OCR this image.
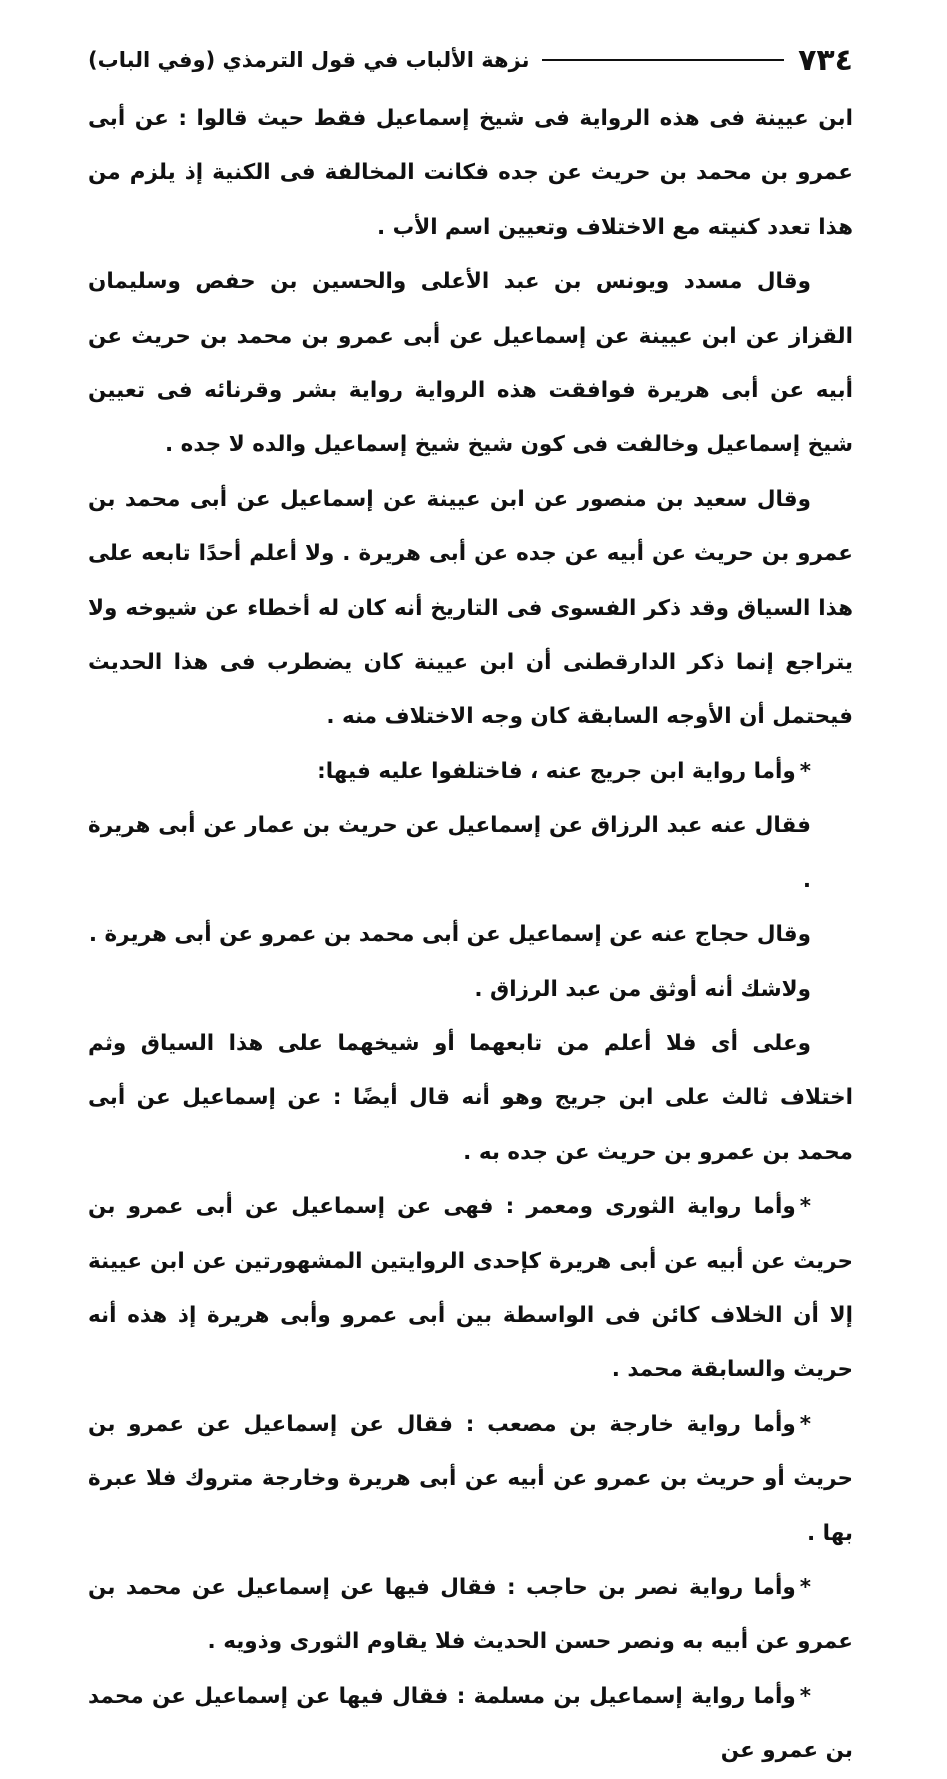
٧٣٤
نزهة الألباب في قول الترمذي (وفي الباب)

ابن عيينة فى هذه الرواية فى شيخ إسماعيل فقط حيث قالوا : عن أبى عمرو بن محمد بن حريث عن جده فكانت المخالفة فى الكنية إذ يلزم من هذا تعدد كنيته مع الاختلاف وتعيين اسم الأب .

وقال مسدد ويونس بن عبد الأعلى والحسين بن حفص وسليمان القزاز عن ابن عيينة عن إسماعيل عن أبى عمرو بن محمد بن حريث عن أبيه عن أبى هريرة فوافقت هذه الرواية رواية بشر وقرنائه فى تعيين شيخ إسماعيل وخالفت فى كون شيخ شيخ إسماعيل والده لا جده .

وقال سعيد بن منصور عن ابن عيينة عن إسماعيل عن أبى محمد بن عمرو بن حريث عن أبيه عن جده عن أبى هريرة . ولا أعلم أحدًا تابعه على هذا السياق وقد ذكر الفسوى فى التاريخ أنه كان له أخطاء عن شيوخه ولا يتراجع إنما ذكر الدارقطنى أن ابن عيينة كان يضطرب فى هذا الحديث فيحتمل أن الأوجه السابقة كان وجه الاختلاف منه .

*وأما رواية ابن جريج عنه ، فاختلفوا عليه فيها:

فقال عنه عبد الرزاق عن إسماعيل عن حريث بن عمار عن أبى هريرة .

وقال حجاج عنه عن إسماعيل عن أبى محمد بن عمرو عن أبى هريرة .

ولاشك أنه أوثق من عبد الرزاق .

وعلى أى فلا أعلم من تابعهما أو شيخهما على هذا السياق وثم اختلاف ثالث على ابن جريج وهو أنه قال أيضًا : عن إسماعيل عن أبى محمد بن عمرو بن حريث عن جده به .

*وأما رواية الثورى ومعمر : فهى عن إسماعيل عن أبى عمرو بن حريث عن أبيه عن أبى هريرة كإحدى الروايتين المشهورتين عن ابن عيينة إلا أن الخلاف كائن فى الواسطة بين أبى عمرو وأبى هريرة إذ هذه أنه حريث والسابقة محمد .

*وأما رواية خارجة بن مصعب : فقال عن إسماعيل عن عمرو بن حريث أو حريث بن عمرو عن أبيه عن أبى هريرة وخارجة متروك فلا عبرة بها .

*وأما رواية نصر بن حاجب : فقال فيها عن إسماعيل عن محمد بن عمرو عن أبيه به ونصر حسن الحديث فلا يقاوم الثورى وذويه .

*وأما رواية إسماعيل بن مسلمة : فقال فيها عن إسماعيل عن محمد بن عمرو عن
